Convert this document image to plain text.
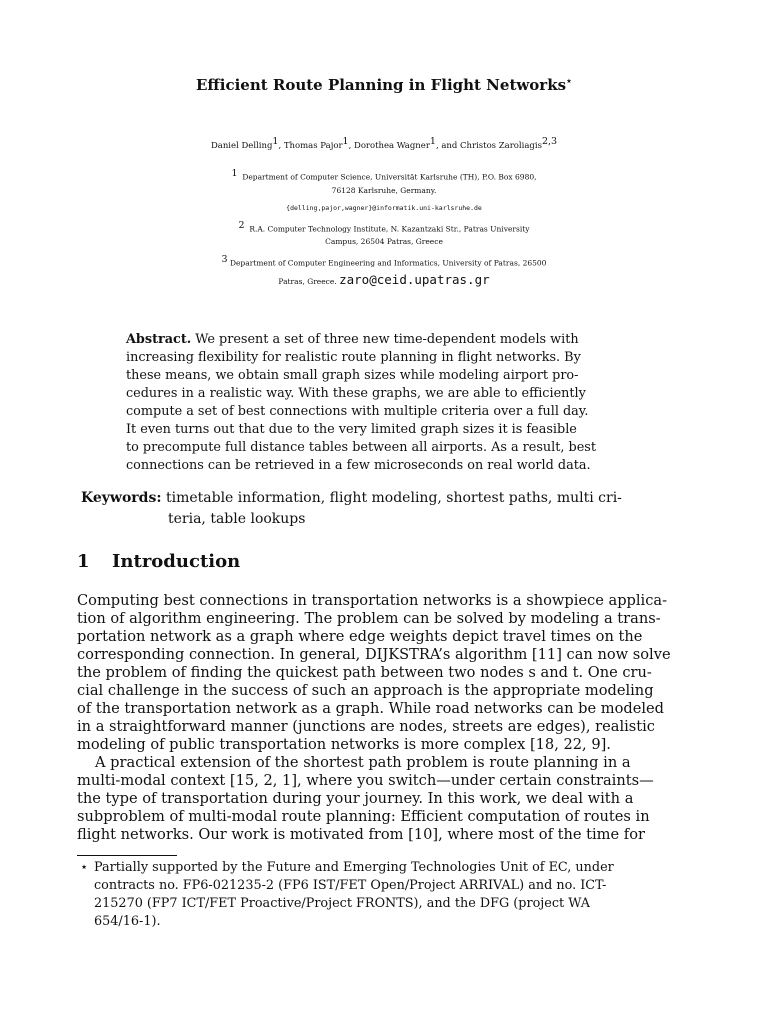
Efficient Route Planning in Flight Networks⋆
Daniel Delling$^1$, Thomas Pajor$^1$, Dorothea Wagner$^1$, and Christos Zaroliagis$^{2,3}$
$^1$ Department of Computer Science, Universität Karlsruhe (TH), P.O. Box 6980,
76128 Karlsruhe, Germany.
{delling,pajor,wagner}@informatik.uni-karlsruhe.de
$^2$ R.A. Computer Technology Institute, N. Kazantzaki Str., Patras University
Campus, 26504 Patras, Greece
$^3$ Department of Computer Engineering and Informatics, University of Patras, 26500
Patras, Greece. zaro@ceid.upatras.gr
Abstract. We present a set of three new time-dependent models with
increasing flexibility for realistic route planning in flight networks. By
these means, we obtain small graph sizes while modeling airport pro-
cedures in a realistic way. With these graphs, we are able to efficiently
compute a set of best connections with multiple criteria over a full day.
It even turns out that due to the very limited graph sizes it is feasible
to precompute full distance tables between all airports. As a result, best
connections can be retrieved in a few microseconds on real world data.
Keywords: timetable information, flight modeling, shortest paths, multi cri-
teria, table lookups
1 Introduction
Computing best connections in transportation networks is a showpiece applica-
tion of algorithm engineering. The problem can be solved by modeling a trans-
portation network as a graph where edge weights depict travel times on the
corresponding connection. In general, DIJKSTRA’s algorithm [11] can now solve
the problem of finding the quickest path between two nodes s and t. One cru-
cial challenge in the success of such an approach is the appropriate modeling
of the transportation network as a graph. While road networks can be modeled
in a straightforward manner (junctions are nodes, streets are edges), realistic
modeling of public transportation networks is more complex [18, 22, 9].
A practical extension of the shortest path problem is route planning in a
multi-modal context [15, 2, 1], where you switch—under certain constraints—
the type of transportation during your journey. In this work, we deal with a
subproblem of multi-modal route planning: Efficient computation of routes in
flight networks. Our work is motivated from [10], where most of the time for
⋆ Partially supported by the Future and Emerging Technologies Unit of EC, under
contracts no. FP6-021235-2 (FP6 IST/FET Open/Project ARRIVAL) and no. ICT-
215270 (FP7 ICT/FET Proactive/Project FRONTS), and the DFG (project WA
654/16-1).
